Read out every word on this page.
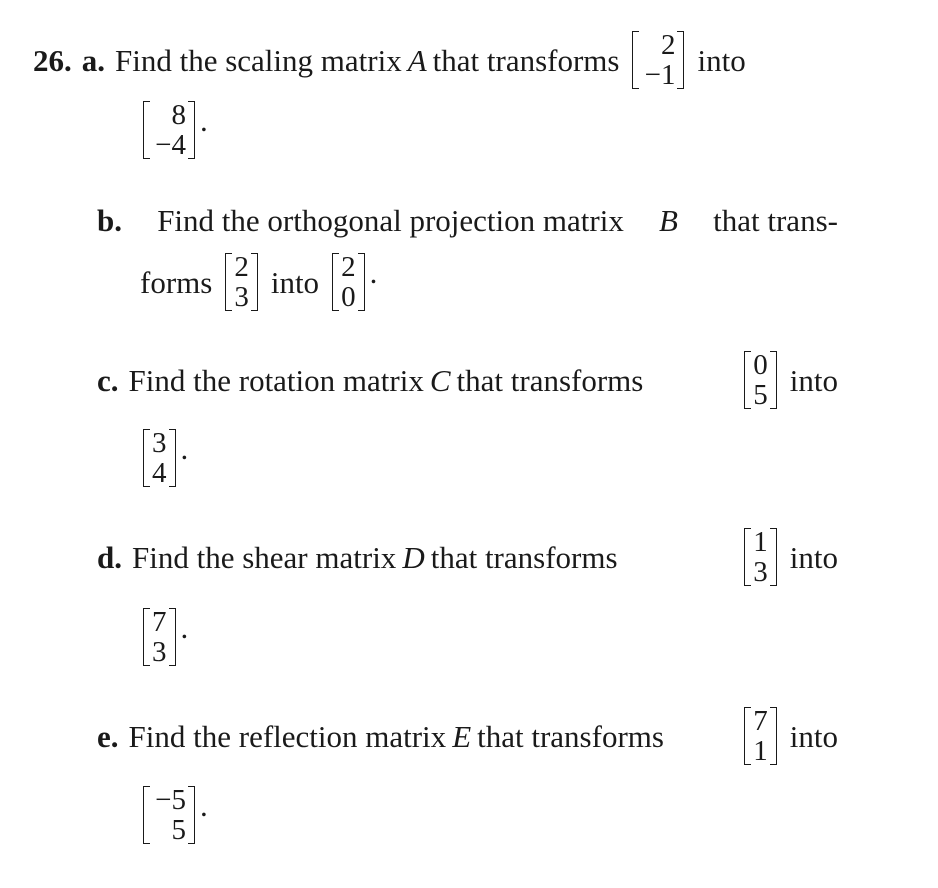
26. a. Find the scaling matrix A that transforms	2
−1 into
8
−4
.
b. Find the orthogonal projection matrix B that trans-
forms 2
3 into 2
0
.
c. Find the rotation matrix C that transforms	0
5 into
3
4
.
d. Find the shear matrix D that transforms	1
3 into
7
3
.
e. Find the reflection matrix E that transforms	7
1 into
−5
5
.
